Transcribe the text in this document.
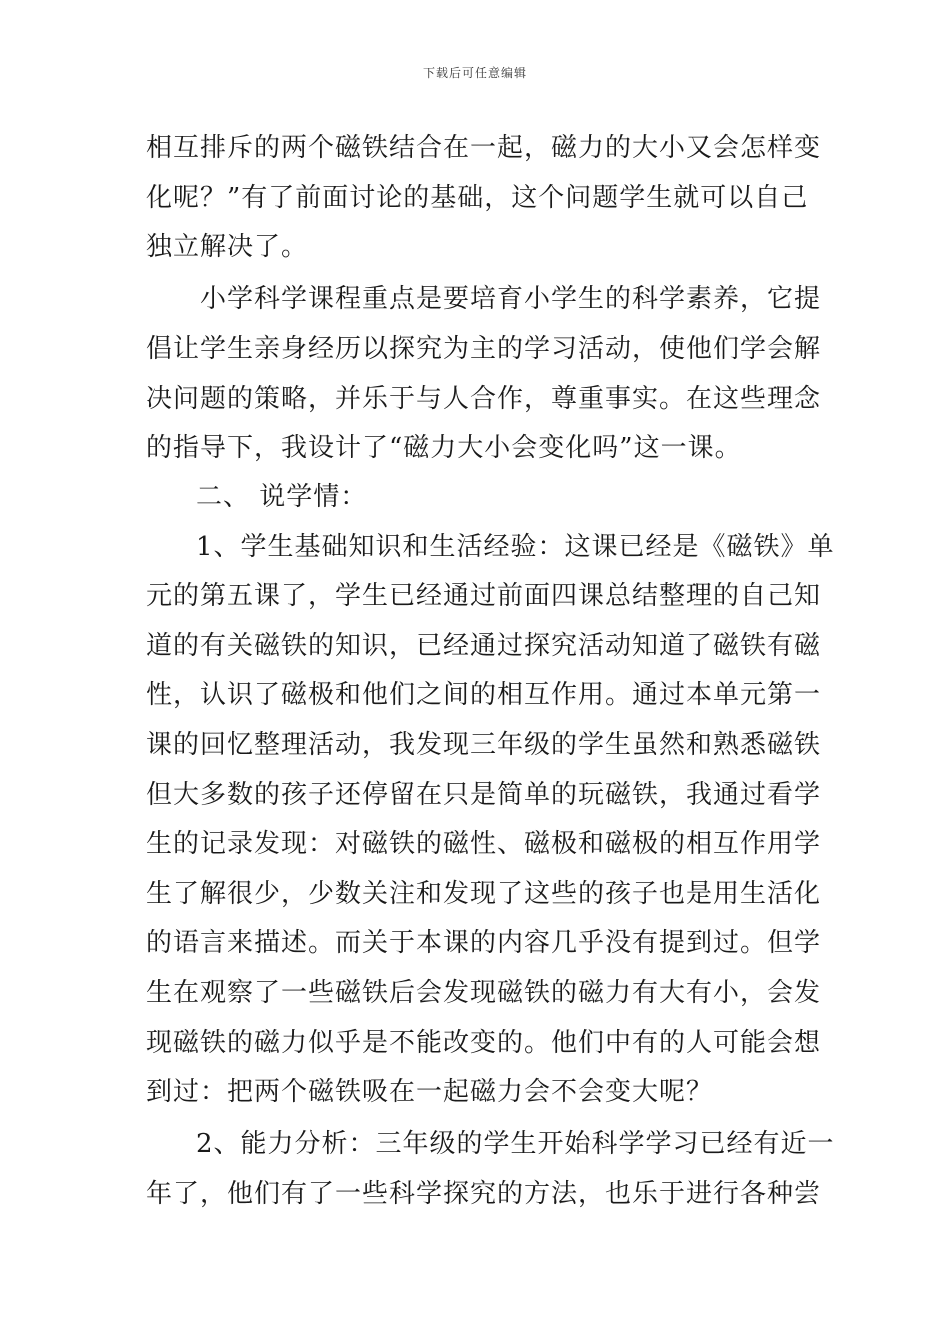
下载后可任意编辑
相互排斥的两个磁铁结合在一起，磁力的大小又会怎样变
化呢？”有了前面讨论的基础，这个问题学生就可以自己
独立解决了。
小学科学课程重点是要培育小学生的科学素养，它提
倡让学生亲身经历以探究为主的学习活动，使他们学会解
决问题的策略，并乐于与人合作，尊重事实。在这些理念
的指导下，我设计了“磁力大小会变化吗”这一课。
二、 说学情：
1、学生基础知识和生活经验：这课已经是《磁铁》单
元的第五课了，学生已经通过前面四课总结整理的自己知
道的有关磁铁的知识，已经通过探究活动知道了磁铁有磁
性，认识了磁极和他们之间的相互作用。通过本单元第一
课的回忆整理活动，我发现三年级的学生虽然和熟悉磁铁
但大多数的孩子还停留在只是简单的玩磁铁，我通过看学
生的记录发现：对磁铁的磁性、磁极和磁极的相互作用学
生了解很少，少数关注和发现了这些的孩子也是用生活化
的语言来描述。而关于本课的内容几乎没有提到过。但学
生在观察了一些磁铁后会发现磁铁的磁力有大有小，会发
现磁铁的磁力似乎是不能改变的。他们中有的人可能会想
到过：把两个磁铁吸在一起磁力会不会变大呢？
2、能力分析：三年级的学生开始科学学习已经有近一
年了，他们有了一些科学探究的方法，也乐于进行各种尝
